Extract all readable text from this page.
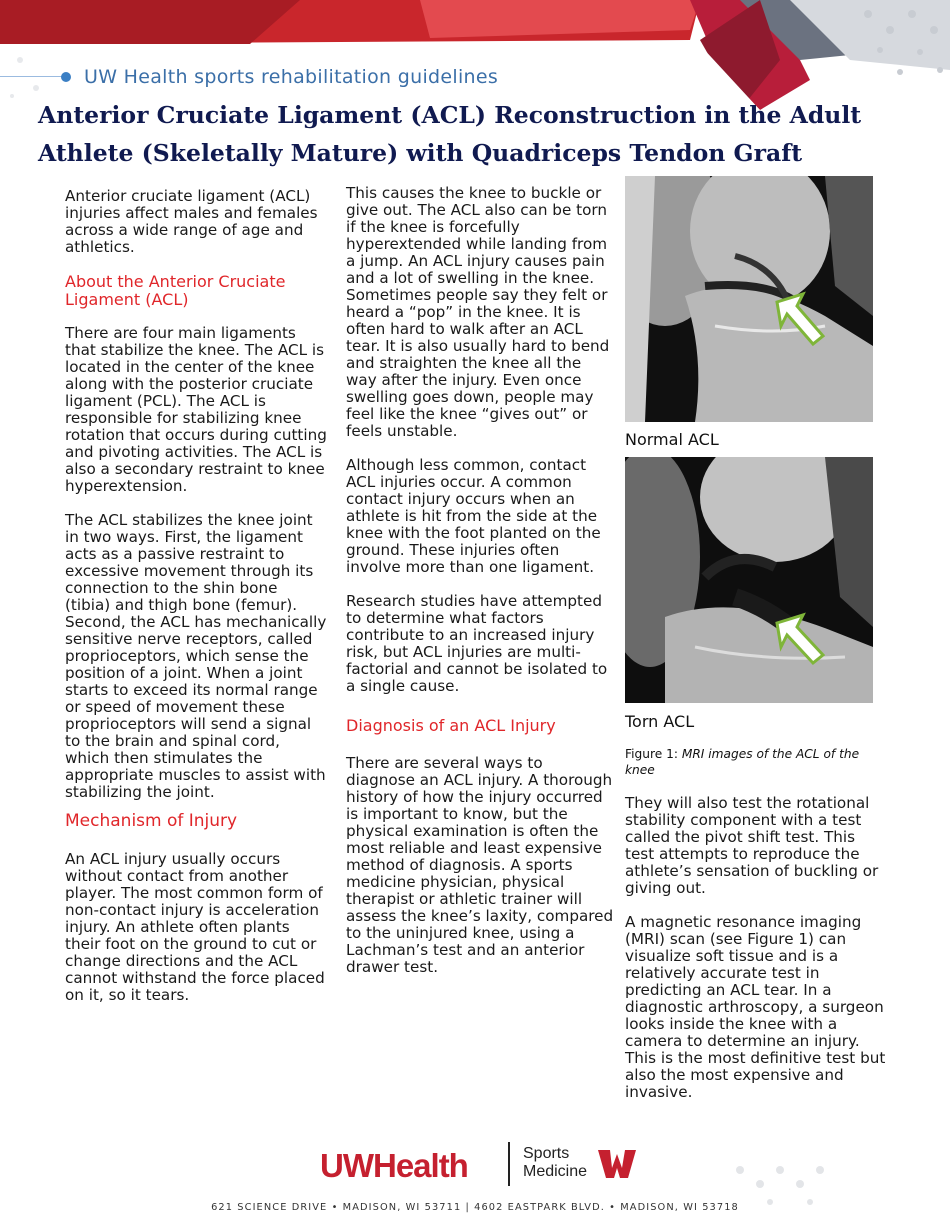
UW Health sports rehabilitation guidelines
Anterior Cruciate Ligament (ACL) Reconstruction in the Adult Athlete (Skeletally Mature) with Quadriceps Tendon Graft

Anterior cruciate ligament (ACL) injuries affect males and females across a wide range of age and athletics.

About the Anterior Cruciate Ligament (ACL)

There are four main ligaments that stabilize the knee. The ACL is located in the center of the knee along with the posterior cruciate ligament (PCL). The ACL is responsible for stabilizing knee rotation that occurs during cutting and pivoting activities. The ACL is also a secondary restraint to knee hyperextension.

The ACL stabilizes the knee joint in two ways. First, the ligament acts as a passive restraint to excessive movement through its connection to the shin bone (tibia) and thigh bone (femur). Second, the ACL has mechanically sensitive nerve receptors, called proprioceptors, which sense the position of a joint. When a joint starts to exceed its normal range or speed of movement these proprioceptors will send a signal to the brain and spinal cord, which then stimulates the appropriate muscles to assist with stabilizing the joint.

Mechanism of Injury

An ACL injury usually occurs without contact from another player. The most common form of non-contact injury is acceleration injury. An athlete often plants their foot on the ground to cut or change directions and the ACL cannot withstand the force placed on it, so it tears.

This causes the knee to buckle or give out. The ACL also can be torn if the knee is forcefully hyperextended while landing from a jump. An ACL injury causes pain and a lot of swelling in the knee. Sometimes people say they felt or heard a “pop” in the knee. It is often hard to walk after an ACL tear. It is also usually hard to bend and straighten the knee all the way after the injury. Even once swelling goes down, people may feel like the knee “gives out” or feels unstable.

Although less common, contact ACL injuries occur. A common contact injury occurs when an athlete is hit from the side at the knee with the foot planted on the ground. These injuries often involve more than one ligament.

Research studies have attempted to determine what factors contribute to an increased injury risk, but ACL injuries are multi-factorial and cannot be isolated to a single cause.

Diagnosis of an ACL Injury

There are several ways to diagnose an ACL injury. A thorough history of how the injury occurred is important to know, but the physical examination is often the most reliable and least expensive method of diagnosis. A sports medicine physician, physical therapist or athletic trainer will assess the knee’s laxity, compared to the uninjured knee, using a Lachman’s test and an anterior drawer test.

Normal ACL
Torn ACL
Figure 1: MRI images of the ACL of the knee

They will also test the rotational stability component with a test called the pivot shift test. This test attempts to reproduce the athlete’s sensation of buckling or giving out.

A magnetic resonance imaging (MRI) scan (see Figure 1) can visualize soft tissue and is a relatively accurate test in predicting an ACL tear. In a diagnostic arthroscopy, a surgeon looks inside the knee with a camera to determine an injury. This is the most definitive test but also the most expensive and invasive.

UWHealth	Sports
Medicine
621 SCIENCE DRIVE • MADISON, WI 53711 | 4602 EASTPARK BLVD. • MADISON, WI 53718
